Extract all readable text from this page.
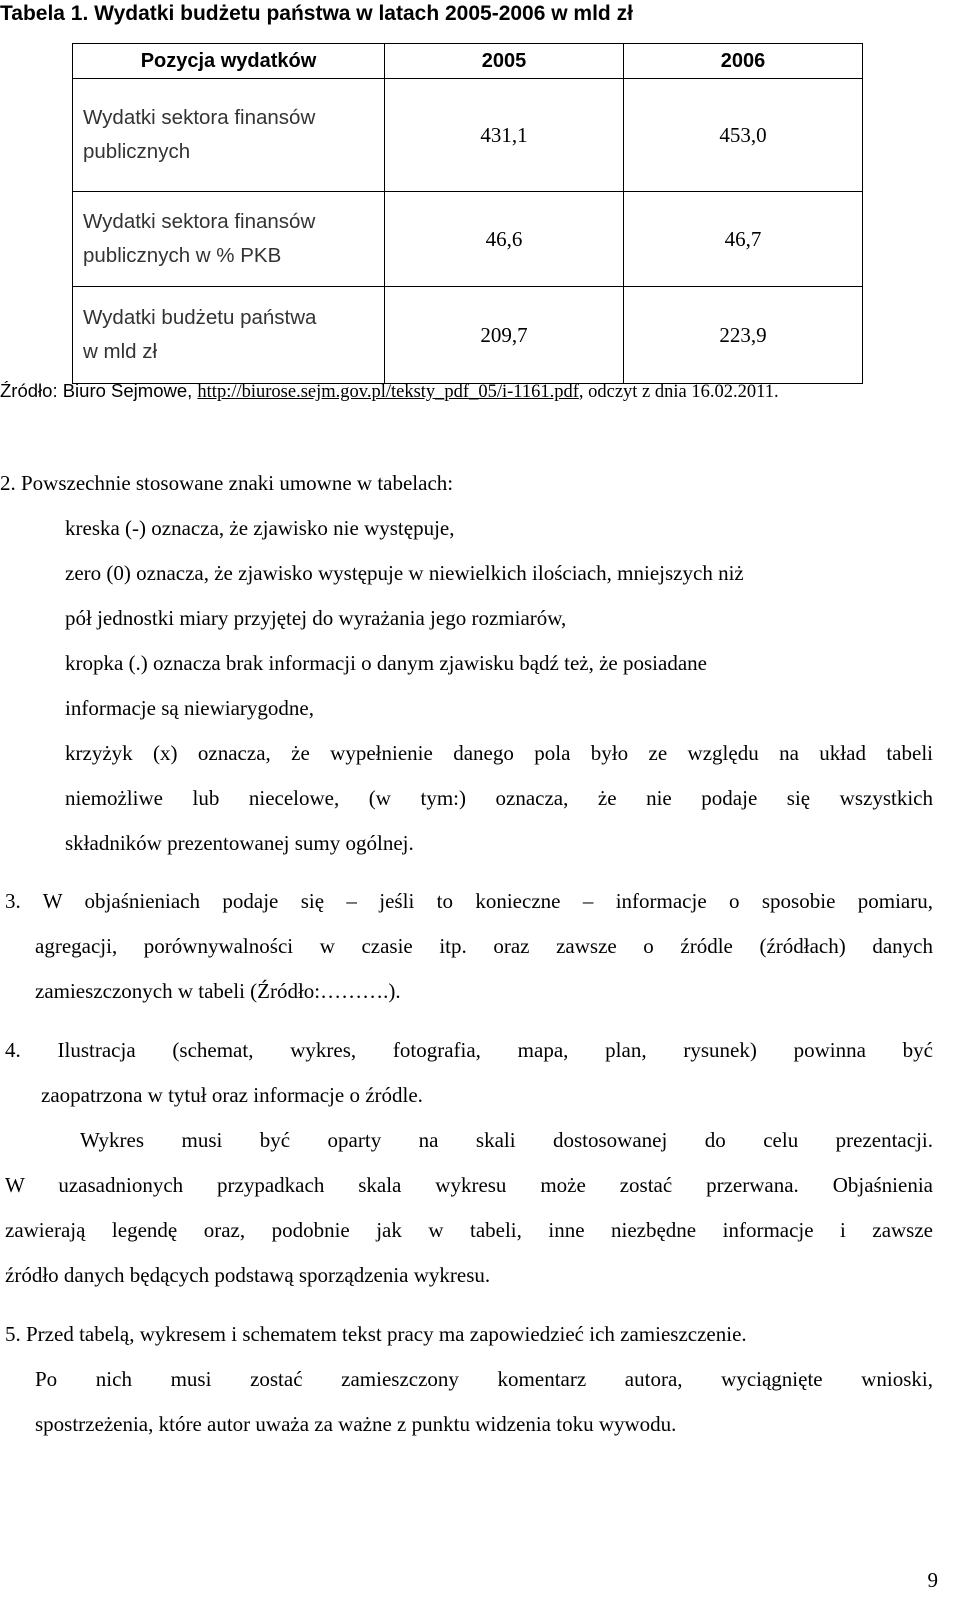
Tabela 1. Wydatki budżetu państwa w latach 2005-2006 w mld zł
Pozycja wydatków	2005	2006
Wydatki sektora finansów
publicznych	431,1	453,0
Wydatki sektora finansów
publicznych w % PKB	46,6	46,7
Wydatki budżetu państwa
w mld zł	209,7	223,9
Źródło: Biuro Sejmowe, http://biurose.sejm.gov.pl/teksty_pdf_05/i-1161.pdf, odczyt z dnia 16.02.2011.
2. Powszechnie stosowane znaki umowne w tabelach:
kreska (-) oznacza, że zjawisko nie występuje,
zero (0) oznacza, że zjawisko występuje w niewielkich ilościach, mniejszych niż
pół jednostki miary przyjętej do wyrażania jego rozmiarów,
kropka (.) oznacza brak informacji o danym zjawisku bądź też, że posiadane
informacje są niewiarygodne,
krzyżyk (x) oznacza, że wypełnienie danego pola było ze względu na układ tabeli
niemożliwe lub niecelowe, (w tym:) oznacza, że nie podaje się wszystkich
składników prezentowanej sumy ogólnej.
3. W objaśnieniach podaje się – jeśli to konieczne – informacje o sposobie pomiaru,
agregacji, porównywalności w czasie itp. oraz zawsze o źródle (źródłach) danych
zamieszczonych w tabeli (Źródło:……….).
4. Ilustracja (schemat, wykres, fotografia, mapa, plan, rysunek) powinna być
zaopatrzona w tytuł oraz informacje o źródle.
Wykres musi być oparty na skali dostosowanej do celu prezentacji.
W uzasadnionych przypadkach skala wykresu może zostać przerwana. Objaśnienia
zawierają legendę oraz, podobnie jak w tabeli, inne niezbędne informacje i zawsze
źródło danych będących podstawą sporządzenia wykresu.
5. Przed tabelą, wykresem i schematem tekst pracy ma zapowiedzieć ich zamieszczenie.
Po nich musi zostać zamieszczony komentarz autora, wyciągnięte wnioski,
spostrzeżenia, które autor uważa za ważne z punktu widzenia toku wywodu.
9
